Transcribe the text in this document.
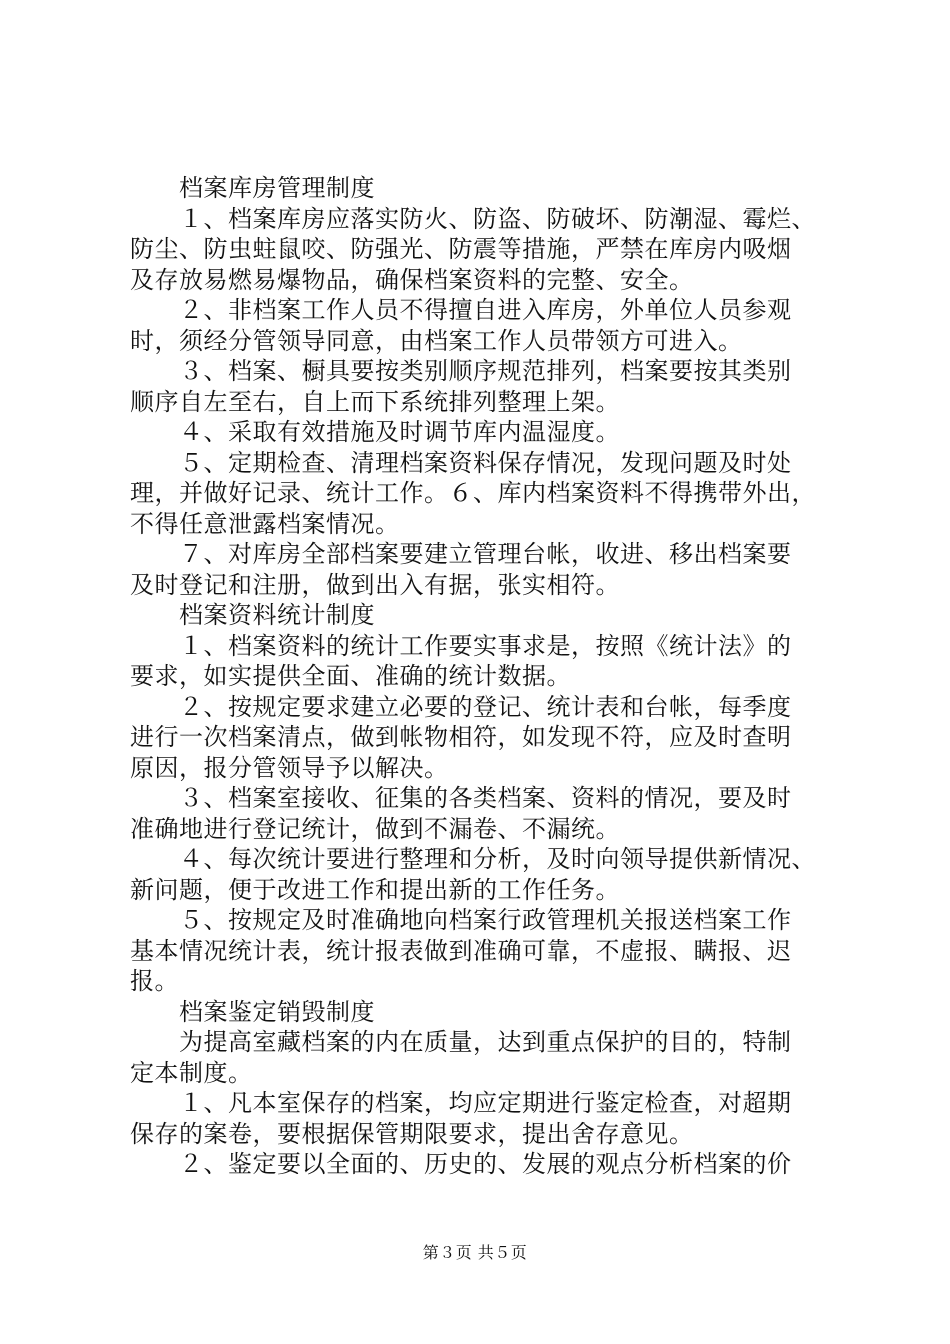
　　档案库房管理制度
　　１、档案库房应落实防火、防盗、防破坏、防潮湿、霉烂、
防尘、防虫蛀鼠咬、防强光、防震等措施，严禁在库房内吸烟
及存放易燃易爆物品，确保档案资料的完整、安全。
　　２、非档案工作人员不得擅自进入库房，外单位人员参观
时，须经分管领导同意，由档案工作人员带领方可进入。
　　３、档案、橱具要按类别顺序规范排列，档案要按其类别
顺序自左至右，自上而下系统排列整理上架。
　　４、采取有效措施及时调节库内温湿度。
　　５、定期检查、清理档案资料保存情况，发现问题及时处
理，并做好记录、统计工作。６、库内档案资料不得携带外出，
不得任意泄露档案情况。
　　７、对库房全部档案要建立管理台帐，收进、移出档案要
及时登记和注册，做到出入有据，张实相符。
　　档案资料统计制度
　　１、档案资料的统计工作要实事求是，按照《统计法》的
要求，如实提供全面、准确的统计数据。
　　２、按规定要求建立必要的登记、统计表和台帐，每季度
进行一次档案清点，做到帐物相符，如发现不符，应及时查明
原因，报分管领导予以解决。
　　３、档案室接收、征集的各类档案、资料的情况，要及时
准确地进行登记统计，做到不漏卷、不漏统。
　　４、每次统计要进行整理和分析，及时向领导提供新情况、
新问题，便于改进工作和提出新的工作任务。
　　５、按规定及时准确地向档案行政管理机关报送档案工作
基本情况统计表，统计报表做到准确可靠，不虚报、瞒报、迟
报。
　　档案鉴定销毁制度
　　为提高室藏档案的内在质量，达到重点保护的目的，特制
定本制度。
　　１、凡本室保存的档案，均应定期进行鉴定检查，对超期
保存的案卷，要根据保管期限要求，提出舍存意见。
　　２、鉴定要以全面的、历史的、发展的观点分析档案的价
第３页 共５页
